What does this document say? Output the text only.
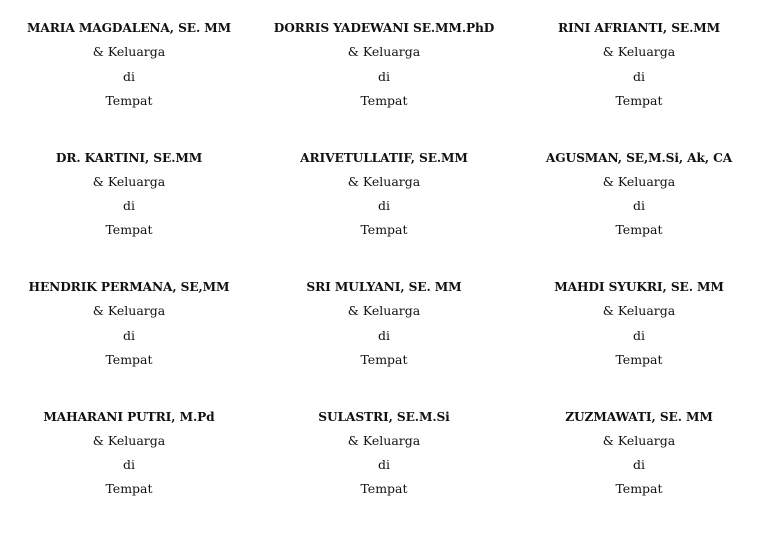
MARIA MAGDALENA, SE. MM
& Keluarga
di
Tempat
DORRIS YADEWANI SE.MM.PhD
& Keluarga
di
Tempat
RINI AFRIANTI, SE.MM
& Keluarga
di
Tempat
DR. KARTINI, SE.MM
& Keluarga
di
Tempat
ARIVETULLATIF, SE.MM
& Keluarga
di
Tempat
AGUSMAN, SE,M.Si, Ak, CA
& Keluarga
di
Tempat
HENDRIK PERMANA, SE,MM
& Keluarga
di
Tempat
SRI MULYANI, SE. MM
& Keluarga
di
Tempat
MAHDI SYUKRI, SE. MM
& Keluarga
di
Tempat
MAHARANI PUTRI, M.Pd
& Keluarga
di
Tempat
SULASTRI, SE.M.Si
& Keluarga
di
Tempat
ZUZMAWATI, SE. MM
& Keluarga
di
Tempat
